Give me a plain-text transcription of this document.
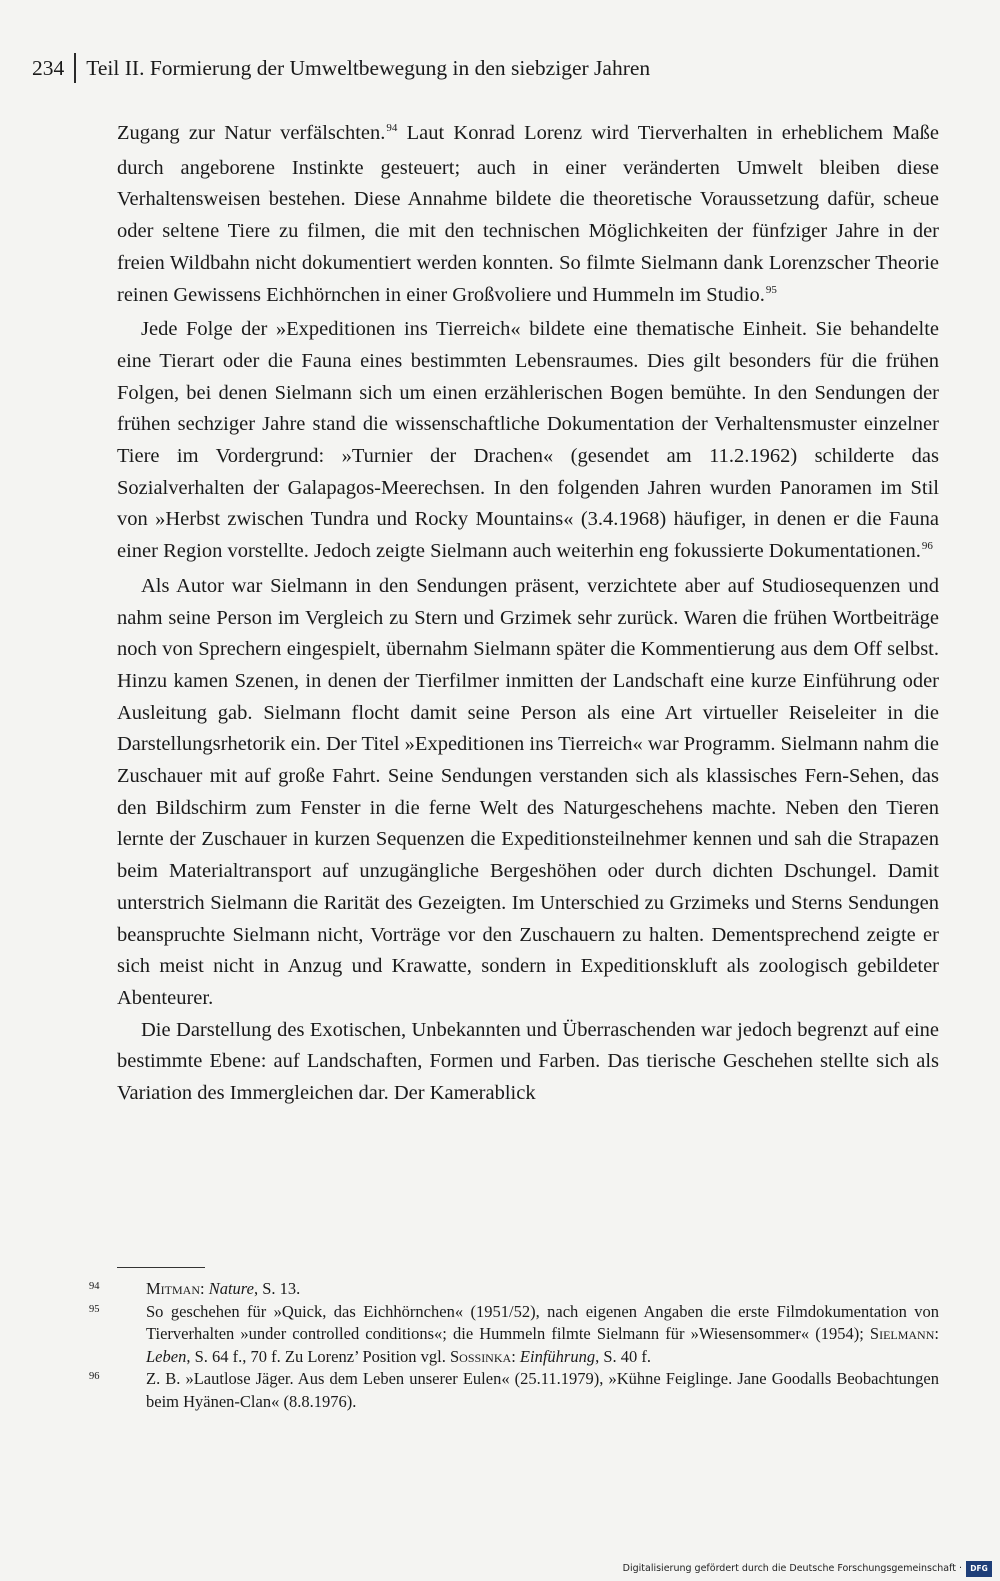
234 Teil II. Formierung der Umweltbewegung in den siebziger Jahren

Zugang zur Natur verfälschten.$^{94}$ Laut Konrad Lorenz wird Tierverhalten in erheblichem Maße durch angeborene Instinkte gesteuert; auch in einer veränderten Umwelt bleiben diese Verhaltensweisen bestehen. Diese Annahme bildete die theoretische Voraussetzung dafür, scheue oder seltene Tiere zu filmen, die mit den technischen Möglichkeiten der fünfziger Jahre in der freien Wildbahn nicht dokumentiert werden konnten. So filmte Sielmann dank Lorenzscher Theorie reinen Gewissens Eichhörnchen in einer Großvoliere und Hummeln im Studio.$^{95}$

Jede Folge der »Expeditionen ins Tierreich« bildete eine thematische Einheit. Sie behandelte eine Tierart oder die Fauna eines bestimmten Lebensraumes. Dies gilt besonders für die frühen Folgen, bei denen Sielmann sich um einen erzählerischen Bogen bemühte. In den Sendungen der frühen sechziger Jahre stand die wissenschaftliche Dokumentation der Verhaltensmuster einzelner Tiere im Vordergrund: »Turnier der Drachen« (gesendet am 11.2.1962) schilderte das Sozialverhalten der Galapagos-Meerechsen. In den folgenden Jahren wurden Panoramen im Stil von »Herbst zwischen Tundra und Rocky Mountains« (3.4.1968) häufiger, in denen er die Fauna einer Region vorstellte. Jedoch zeigte Sielmann auch weiterhin eng fokussierte Dokumentationen.$^{96}$

Als Autor war Sielmann in den Sendungen präsent, verzichtete aber auf Studiosequenzen und nahm seine Person im Vergleich zu Stern und Grzimek sehr zurück. Waren die frühen Wortbeiträge noch von Sprechern eingespielt, übernahm Sielmann später die Kommentierung aus dem Off selbst. Hinzu kamen Szenen, in denen der Tierfilmer inmitten der Landschaft eine kurze Einführung oder Ausleitung gab. Sielmann flocht damit seine Person als eine Art virtueller Reiseleiter in die Darstellungsrhetorik ein. Der Titel »Expeditionen ins Tierreich« war Programm. Sielmann nahm die Zuschauer mit auf große Fahrt. Seine Sendungen verstanden sich als klassisches Fern-Sehen, das den Bildschirm zum Fenster in die ferne Welt des Naturgeschehens machte. Neben den Tieren lernte der Zuschauer in kurzen Sequenzen die Expeditionsteilnehmer kennen und sah die Strapazen beim Materialtransport auf unzugängliche Bergeshöhen oder durch dichten Dschungel. Damit unterstrich Sielmann die Rarität des Gezeigten. Im Unterschied zu Grzimeks und Sterns Sendungen beanspruchte Sielmann nicht, Vorträge vor den Zuschauern zu halten. Dementsprechend zeigte er sich meist nicht in Anzug und Krawatte, sondern in Expeditionskluft als zoologisch gebildeter Abenteurer.

Die Darstellung des Exotischen, Unbekannten und Überraschenden war jedoch begrenzt auf eine bestimmte Ebene: auf Landschaften, Formen und Farben. Das tierische Geschehen stellte sich als Variation des Immergleichen dar. Der Kamerablick

94	Mitman: Nature, S. 13.
95	So geschehen für »Quick, das Eichhörnchen« (1951/52), nach eigenen Angaben die erste Filmdokumentation von Tierverhalten »under controlled conditions«; die Hummeln filmte Sielmann für »Wiesensommer« (1954); Sielmann: Leben, S. 64 f., 70 f. Zu Lorenz’ Position vgl. Sossinka: Einführung, S. 40 f.
96	Z. B. »Lautlose Jäger. Aus dem Leben unserer Eulen« (25.11.1979), »Kühne Feiglinge. Jane Goodalls Beobachtungen beim Hyänen-Clan« (8.8.1976).
Digitalisierung gefördert durch die Deutsche Forschungsgemeinschaft ·	DFG
